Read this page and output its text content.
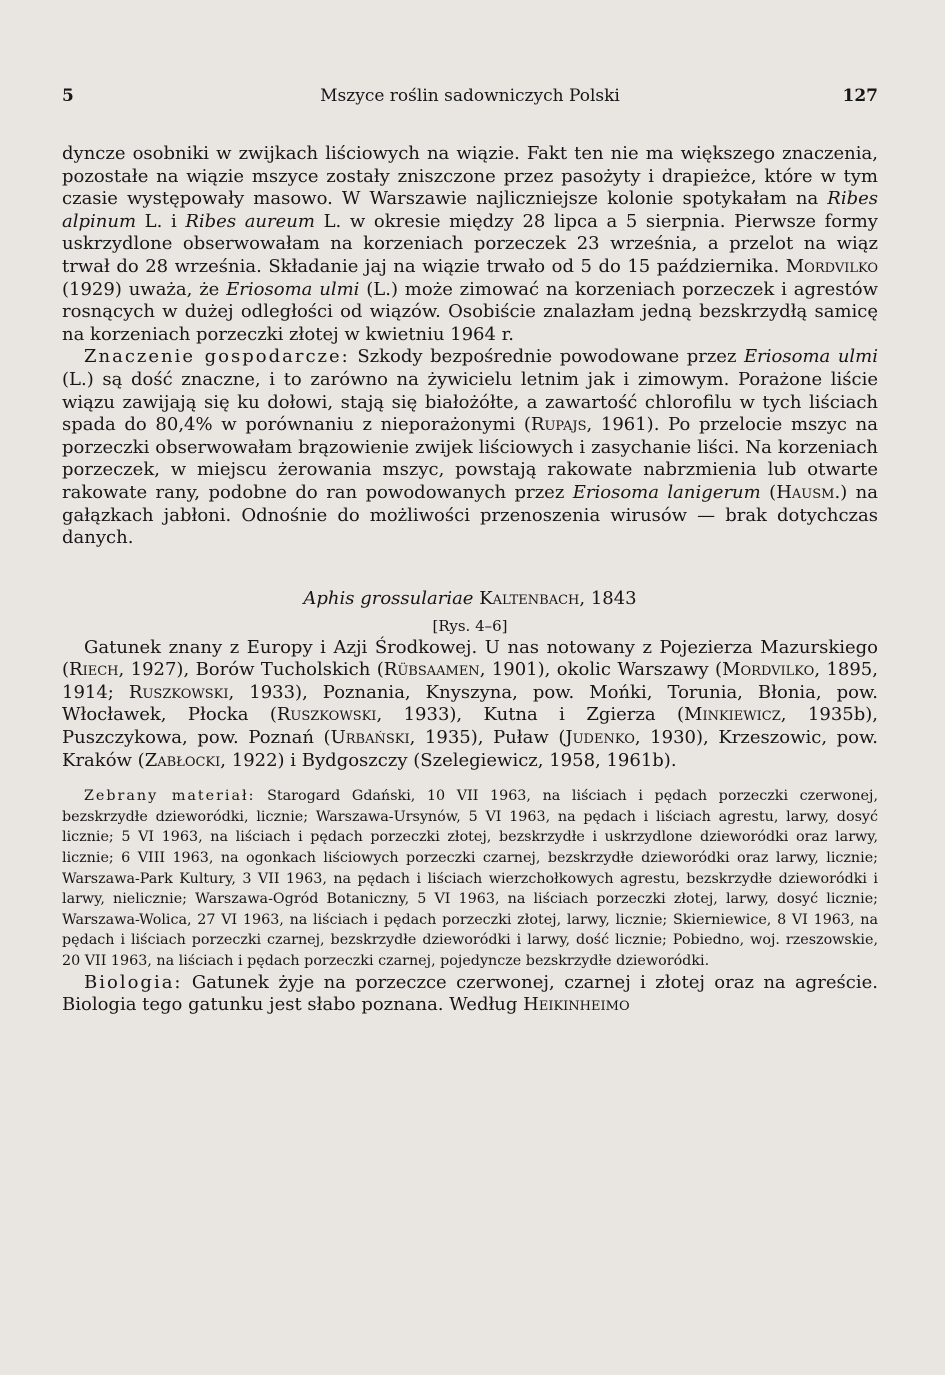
5	Mszyce roślin sadowniczych Polski	127

dyncze osobniki w zwijkach liściowych na wiązie. Fakt ten nie ma większego znaczenia, pozostałe na wiązie mszyce zostały zniszczone przez pasożyty i drapieżce, które w tym czasie występowały masowo. W Warszawie najliczniejsze kolonie spotykałam na Ribes alpinum L. i Ribes aureum L. w okresie między 28 lipca a 5 sierpnia. Pierwsze formy uskrzydlone obserwowałam na korzeniach porzeczek 23 września, a przelot na wiąz trwał do 28 września. Składanie jaj na wiązie trwało od 5 do 15 października. Mordvilko (1929) uważa, że Eriosoma ulmi (L.) może zimować na korzeniach porzeczek i agrestów rosnących w dużej odległości od wiązów. Osobiście znalazłam jedną bezskrzydłą samicę na korzeniach porzeczki złotej w kwietniu 1964 r.

Znaczenie gospodarcze: Szkody bezpośrednie powodowane przez Eriosoma ulmi (L.) są dość znaczne, i to zarówno na żywicielu letnim jak i zimowym. Porażone liście wiązu zawijają się ku dołowi, stają się białożółte, a zawartość chlorofilu w tych liściach spada do 80,4% w porównaniu z nieporażonymi (Rupajs, 1961). Po przelocie mszyc na porzeczki obserwowałam brązowienie zwijek liściowych i zasychanie liści. Na korzeniach porzeczek, w miejscu żerowania mszyc, powstają rakowate nabrzmienia lub otwarte rakowate rany, podobne do ran powodowanych przez Eriosoma lanigerum (Hausm.) na gałązkach jabłoni. Odnośnie do możliwości przenoszenia wirusów — brak dotychczas danych.

Aphis grossulariae Kaltenbach, 1843
[Rys. 4–6]

Gatunek znany z Europy i Azji Środkowej. U nas notowany z Pojezierza Mazurskiego (Riech, 1927), Borów Tucholskich (Rübsaamen, 1901), okolic Warszawy (Mordvilko, 1895, 1914; Ruszkowski, 1933), Poznania, Knyszyna, pow. Mońki, Torunia, Błonia, pow. Włocławek, Płocka (Ruszkowski, 1933), Kutna i Zgierza (Minkiewicz, 1935b), Puszczykowa, pow. Poznań (Urbański, 1935), Puław (Judenko, 1930), Krzeszowic, pow. Kraków (Zabłocki, 1922) i Bydgoszczy (Szelegiewicz, 1958, 1961b).

Zebrany materiał: Starogard Gdański, 10 VII 1963, na liściach i pędach porzeczki czerwonej, bezskrzydłe dzieworódki, licznie; Warszawa-Ursynów, 5 VI 1963, na pędach i liściach agrestu, larwy, dosyć licznie; 5 VI 1963, na liściach i pędach porzeczki złotej, bezskrzydłe i uskrzydlone dzieworódki oraz larwy, licznie; 6 VIII 1963, na ogonkach liściowych porzeczki czarnej, bezskrzydłe dzieworódki oraz larwy, licznie; Warszawa-Park Kultury, 3 VII 1963, na pędach i liściach wierzchołkowych agrestu, bezskrzydłe dzieworódki i larwy, nielicznie; Warszawa-Ogród Botaniczny, 5 VI 1963, na liściach porzeczki złotej, larwy, dosyć licznie; Warszawa-Wolica, 27 VI 1963, na liściach i pędach porzeczki złotej, larwy, licznie; Skierniewice, 8 VI 1963, na pędach i liściach porzeczki czarnej, bezskrzydłe dzieworódki i larwy, dość licznie; Pobiedno, woj. rzeszowskie, 20 VII 1963, na liściach i pędach porzeczki czarnej, pojedyncze bezskrzydłe dzieworódki.

Biologia: Gatunek żyje na porzeczce czerwonej, czarnej i złotej oraz na agreście. Biologia tego gatunku jest słabo poznana. Według Heikinheimo
